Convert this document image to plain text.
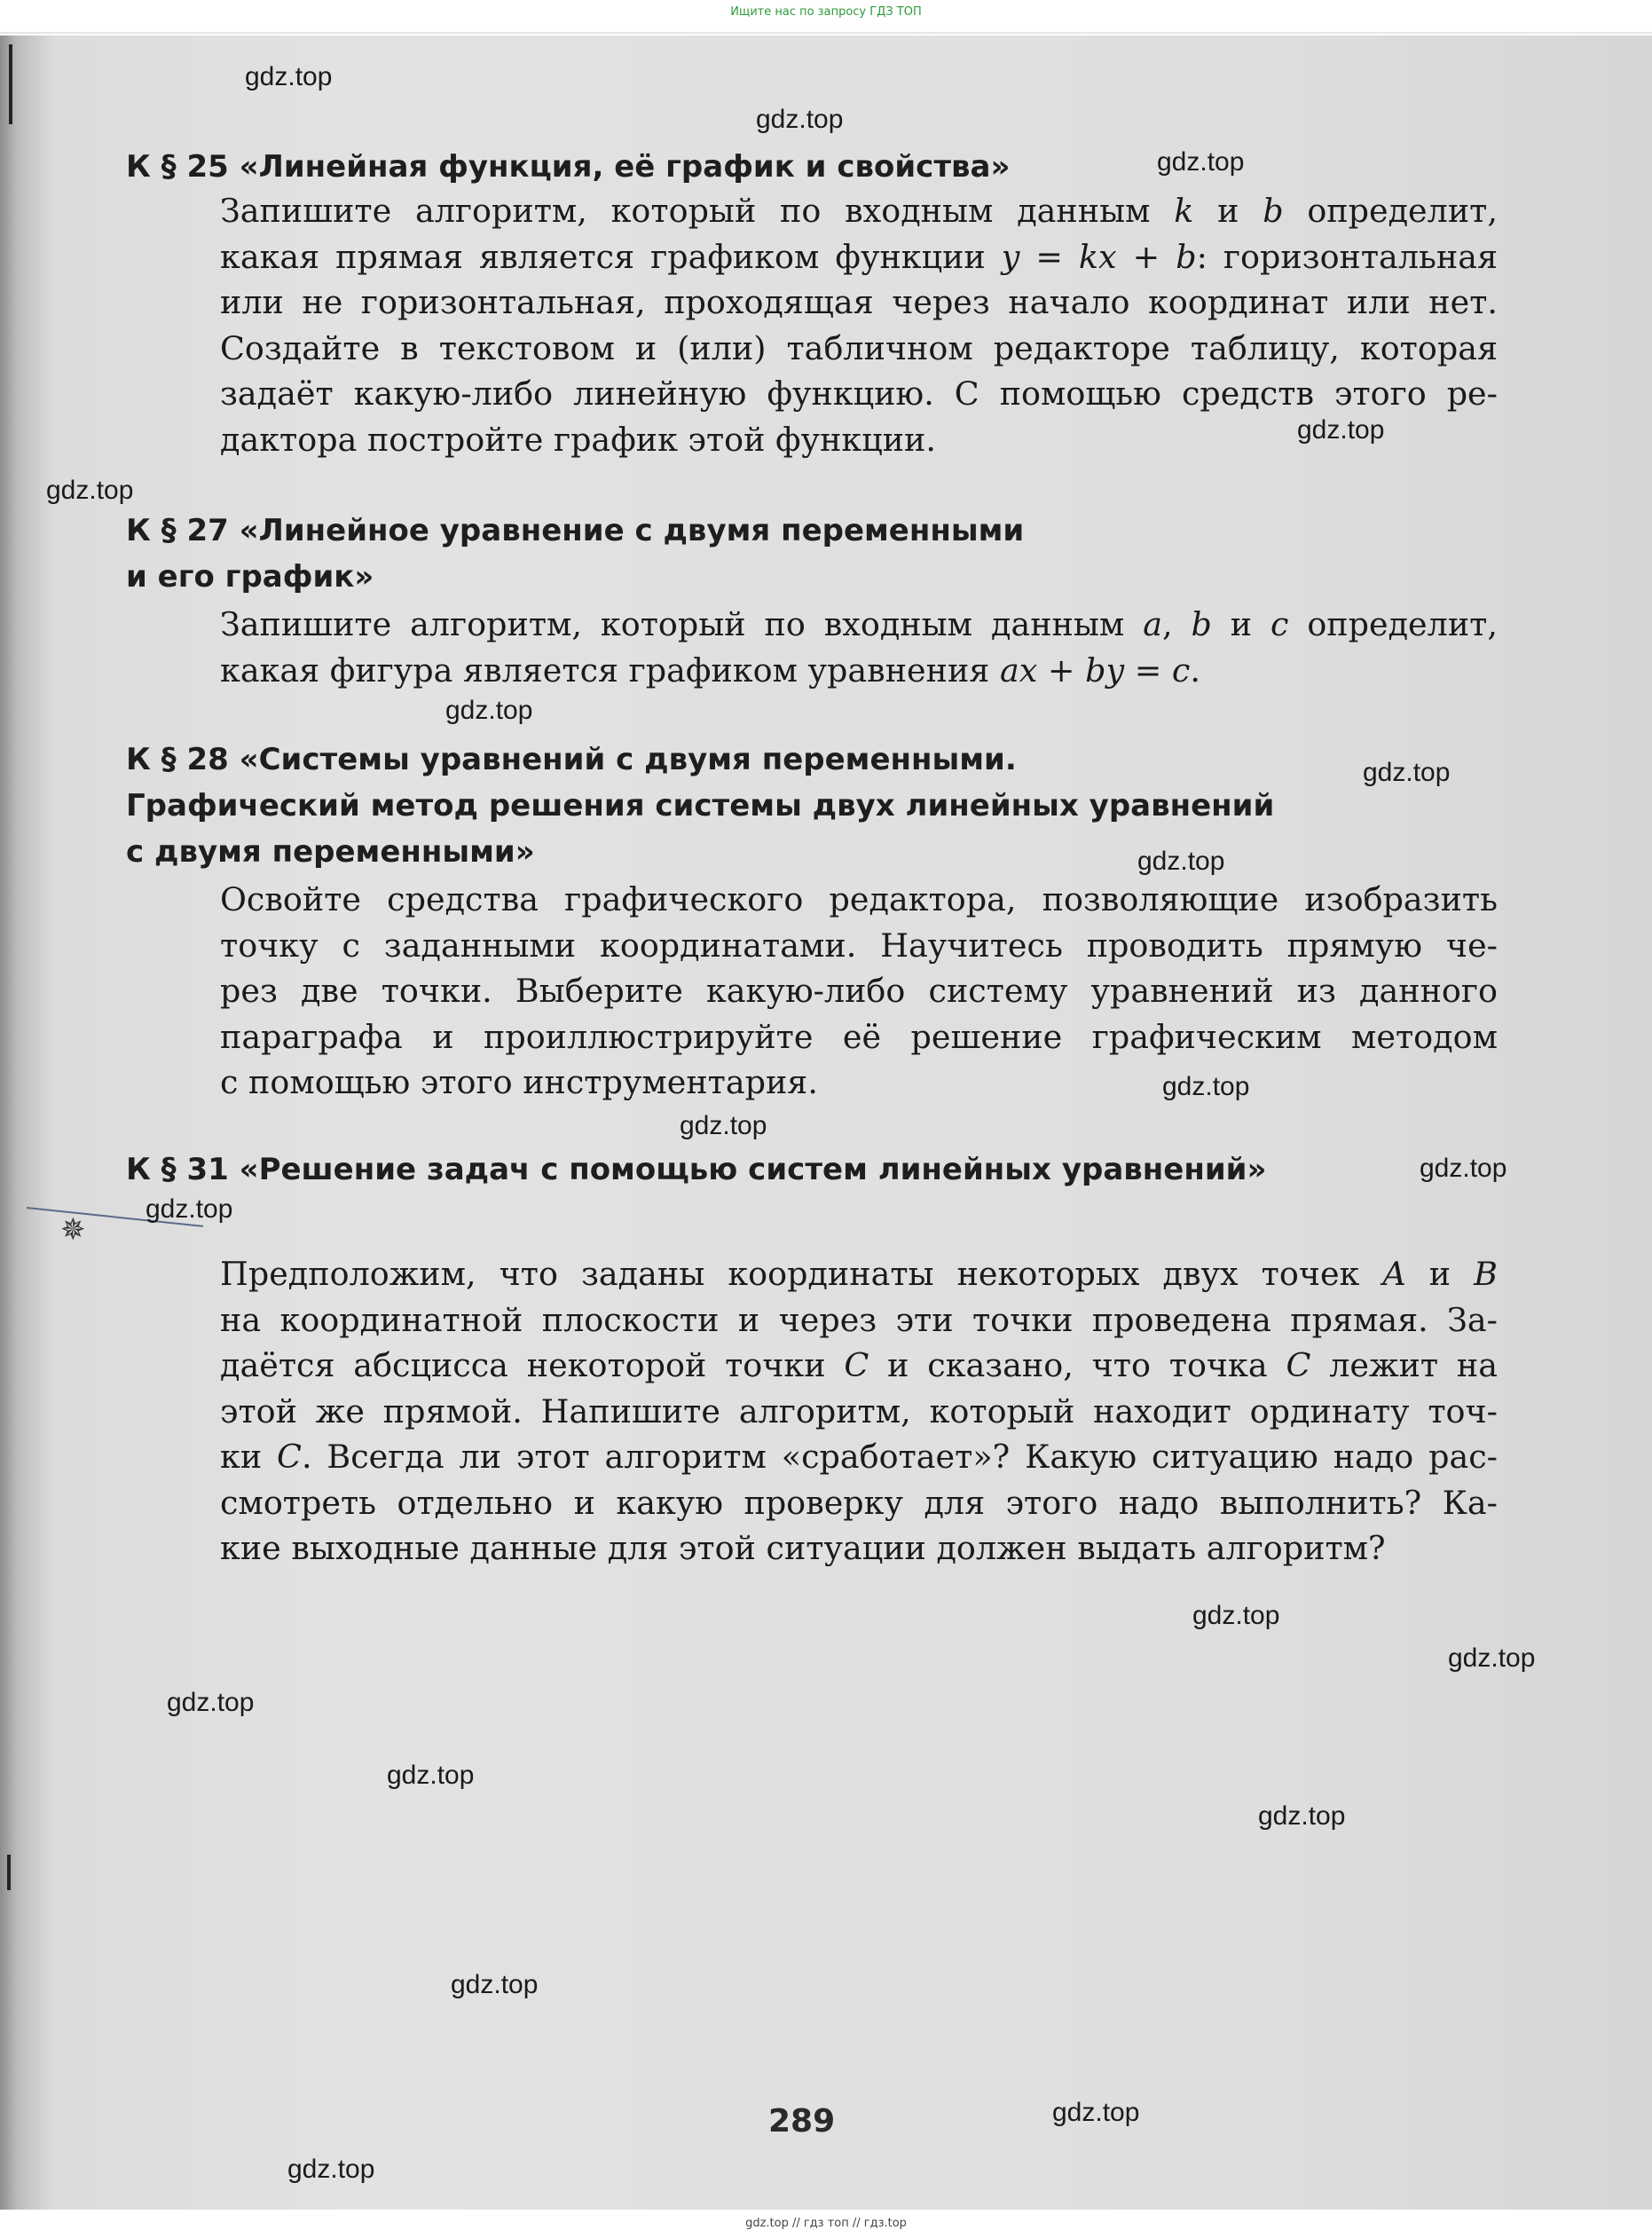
Ищите нас по запросу ГДЗ ТОП
К § 25 «Линейная функция, её график и свойства»
Запишите алгоритм, который по входным данным k и b определит,
какая прямая является графиком функции y = kx + b: горизонтальная
или не горизонтальная, проходящая через начало координат или нет.
Создайте в текстовом и (или) табличном редакторе таблицу, которая
задаёт какую-либо линейную функцию. С помощью средств этого ре-
дактора постройте график этой функции.
К § 27 «Линейное уравнение с двумя переменными
и его график»
Запишите алгоритм, который по входным данным a, b и c определит,
какая фигура является графиком уравнения ax + by = c.
К § 28 «Системы уравнений с двумя переменными.
Графический метод решения системы двух линейных уравнений
с двумя переменными»
Освойте средства графического редактора, позволяющие изобразить
точку с заданными координатами. Научитесь проводить прямую че-
рез две точки. Выберите какую-либо систему уравнений из данного
параграфа и проиллюстрируйте её решение графическим методом
с помощью этого инструментария.
К § 31 «Решение задач с помощью систем линейных уравнений»
✵
Предположим, что заданы координаты некоторых двух точек A и B
на координатной плоскости и через эти точки проведена прямая. За-
даётся абсцисса некоторой точки C и сказано, что точка C лежит на
этой же прямой. Напишите алгоритм, который находит ординату точ-
ки C. Всегда ли этот алгоритм «сработает»? Какую ситуацию надо рас-
смотреть отдельно и какую проверку для этого надо выполнить? Ка-
кие выходные данные для этой ситуации должен выдать алгоритм?
289
gdz.top
gdz.top
gdz.top
gdz.top
gdz.top
gdz.top
gdz.top
gdz.top
gdz.top
gdz.top
gdz.top
gdz.top
gdz.top
gdz.top
gdz.top
gdz.top
gdz.top
gdz.top
gdz.top
gdz.top
gdz.top // гдз топ // гдз.top
